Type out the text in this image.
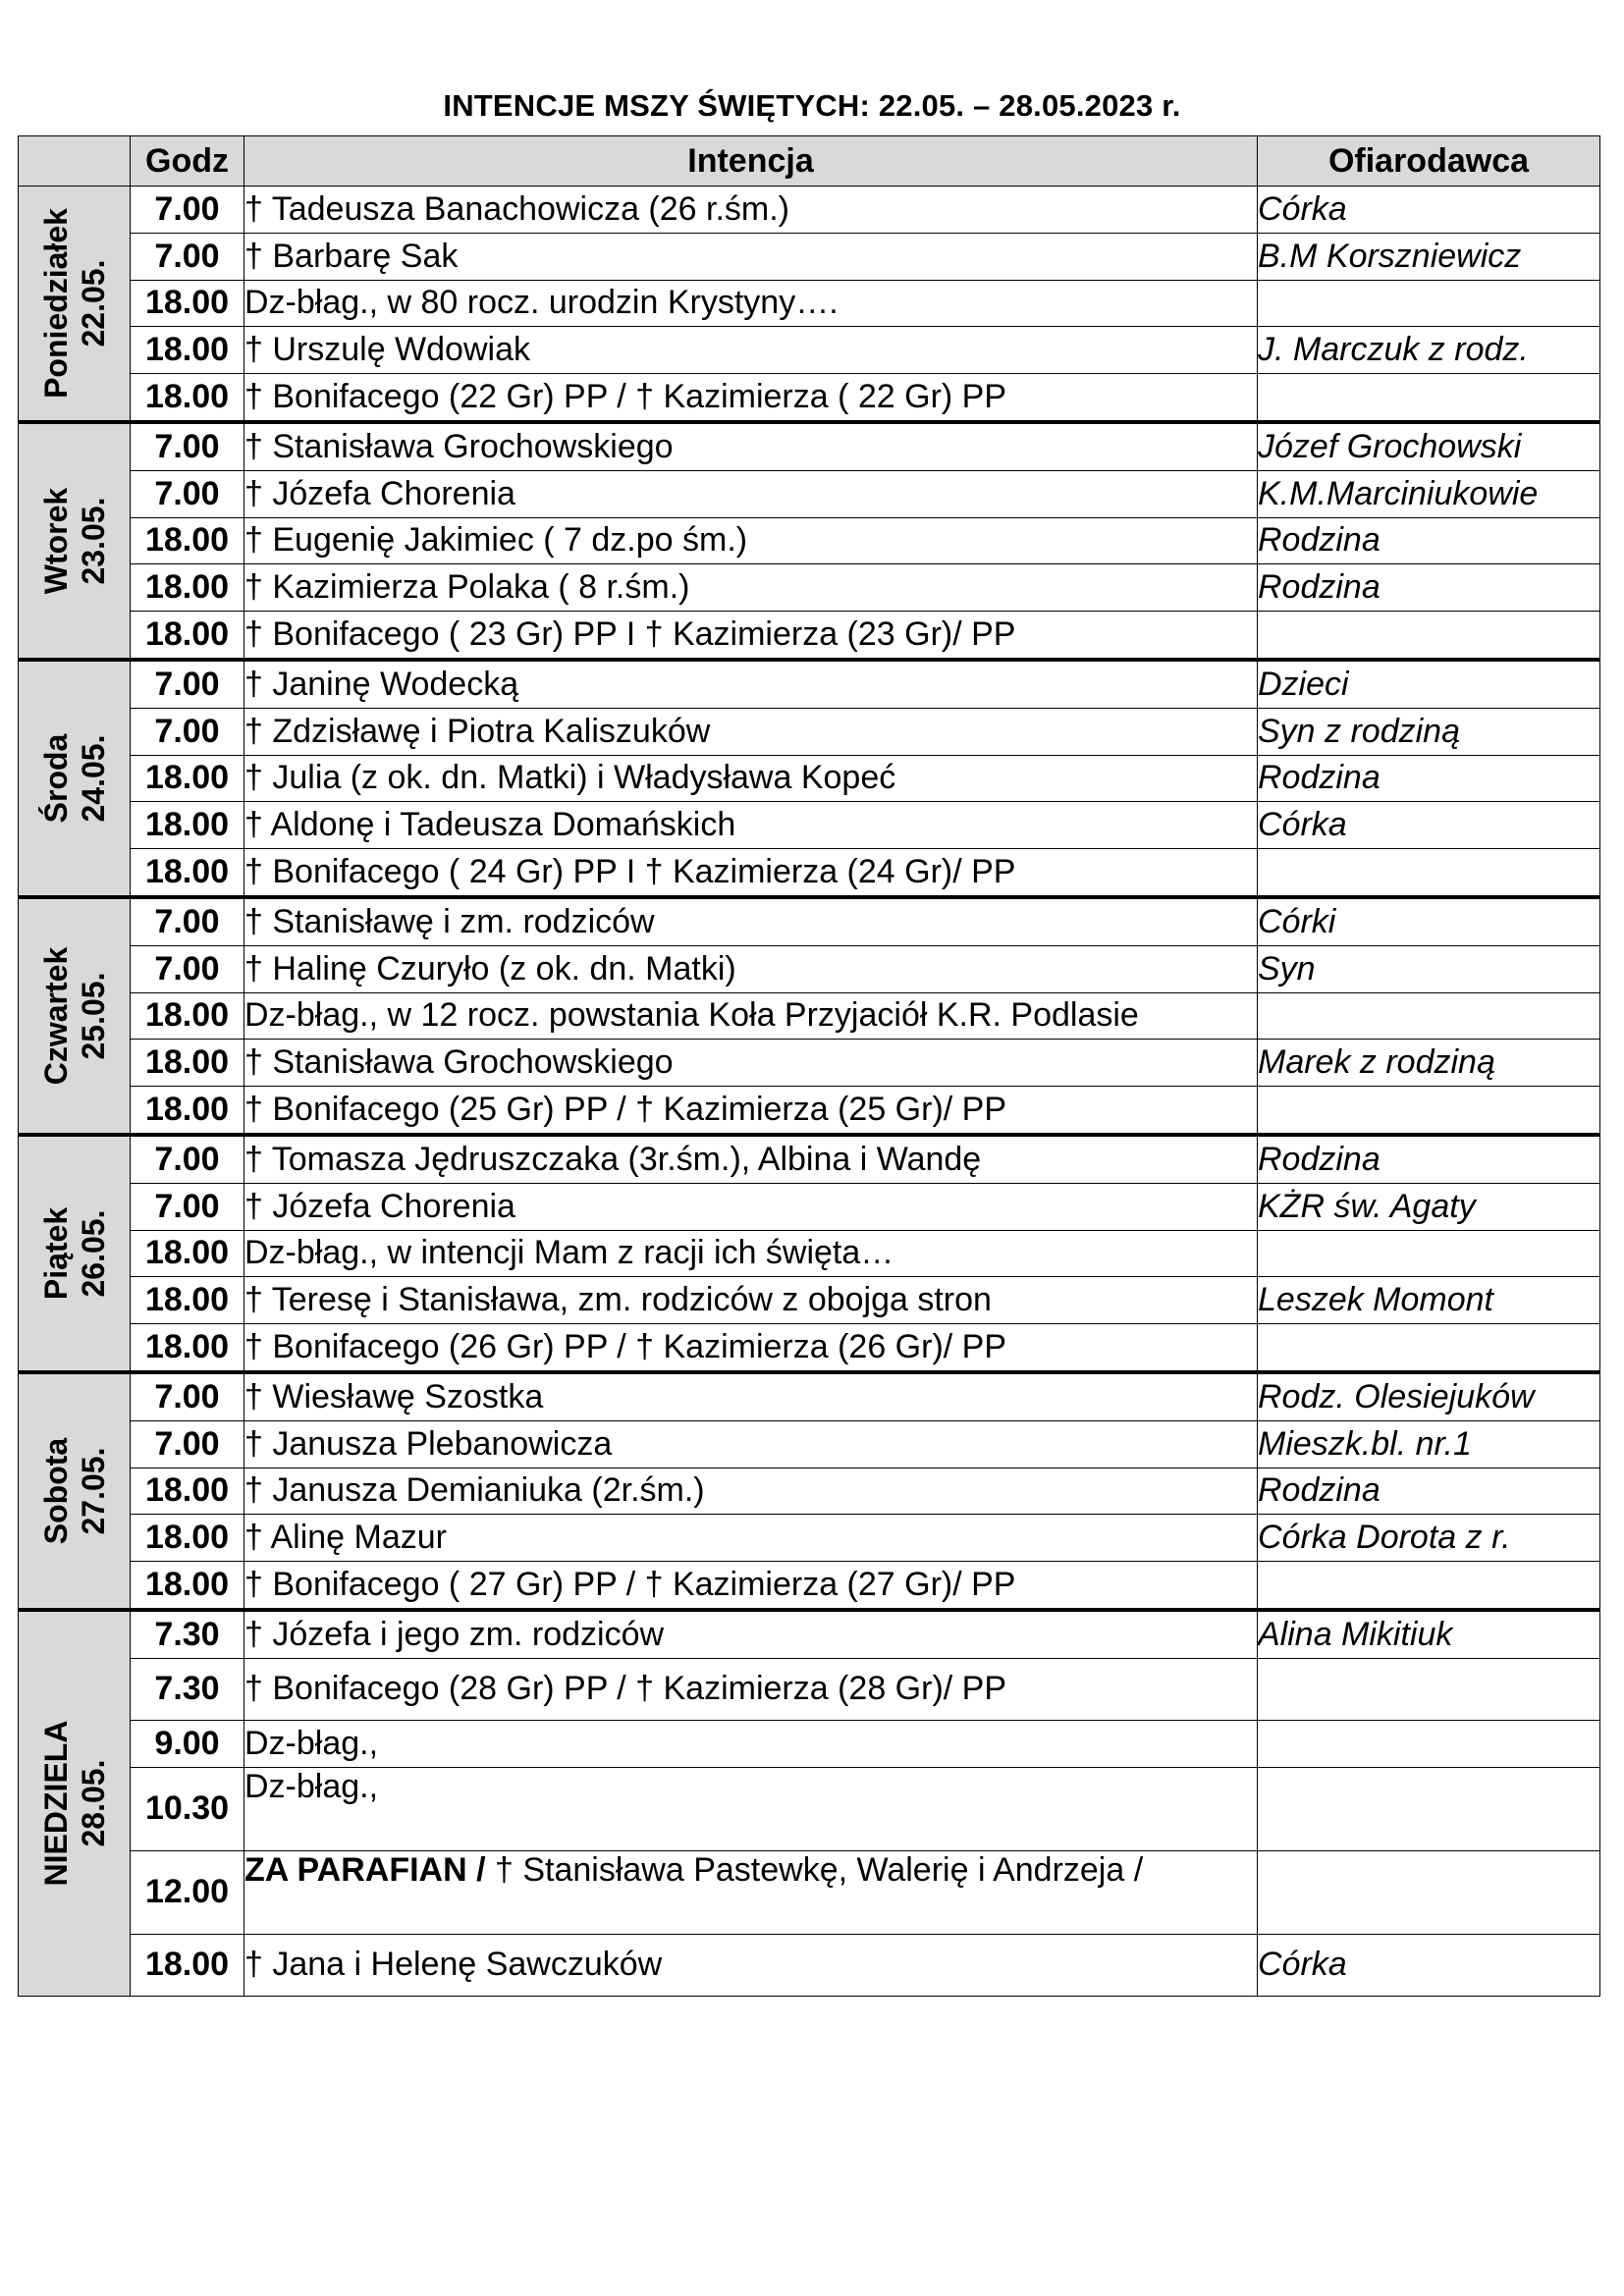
INTENCJE MSZY ŚWIĘTYCH: 22.05. – 28.05.2023 r.
	Godz	Intencja	Ofiarodawca

Poniedziałek 22.05.	7.00	† Tadeusza Banachowicza (26 r.śm.)	Córka
	7.00	† Barbarę Sak	B.M Korszniewicz
	18.00	Dz-błag., w 80 rocz. urodzin Krystyny….	
	18.00	† Urszulę Wdowiak	J. Marczuk z rodz.
	18.00	† Bonifacego (22 Gr) PP / † Kazimierza ( 22 Gr) PP	

Wtorek 23.05.	7.00	† Stanisława Grochowskiego	Józef Grochowski
	7.00	† Józefa Chorenia	K.M.Marciniukowie
	18.00	† Eugenię Jakimiec ( 7 dz.po śm.)	Rodzina
	18.00	† Kazimierza Polaka ( 8 r.śm.)	Rodzina
	18.00	† Bonifacego ( 23 Gr) PP I † Kazimierza (23 Gr)/ PP	

Środa 24.05.	7.00	† Janinę Wodecką	Dzieci
	7.00	† Zdzisławę i Piotra Kaliszuków	Syn z rodziną
	18.00	† Julia (z ok. dn. Matki) i Władysława Kopeć	Rodzina
	18.00	† Aldonę i Tadeusza Domańskich	Córka
	18.00	† Bonifacego ( 24 Gr) PP I † Kazimierza (24 Gr)/ PP	

Czwartek 25.05.	7.00	† Stanisławę i zm. rodziców	Córki
	7.00	† Halinę Czuryło (z ok. dn. Matki)	Syn
	18.00	Dz-błag., w 12 rocz. powstania Koła Przyjaciół K.R. Podlasie	
	18.00	† Stanisława Grochowskiego	Marek z rodziną
	18.00	† Bonifacego (25 Gr) PP / † Kazimierza (25 Gr)/ PP	

Piątek 26.05.	7.00	† Tomasza Jędruszczaka (3r.śm.), Albina i Wandę	Rodzina
	7.00	† Józefa Chorenia	KŻR św. Agaty
	18.00	Dz-błag., w intencji Mam z racji ich święta…	
	18.00	† Teresę i Stanisława, zm. rodziców z obojga stron	Leszek Momont
	18.00	† Bonifacego (26 Gr) PP / † Kazimierza (26 Gr)/ PP	

Sobota 27.05.	7.00	† Wiesławę Szostka	Rodz. Olesiejuków
	7.00	† Janusza Plebanowicza	Mieszk.bl. nr.1
	18.00	† Janusza Demianiuka (2r.śm.)	Rodzina
	18.00	† Alinę Mazur	Córka Dorota z r.
	18.00	† Bonifacego ( 27 Gr) PP / † Kazimierza (27 Gr)/ PP	

NIEDZIELA 28.05.	7.30	† Józefa i jego zm. rodziców	Alina Mikitiuk
	7.30	† Bonifacego (28 Gr) PP / † Kazimierza (28 Gr)/ PP	
	9.00	Dz-błag.,	
	10.30	Dz-błag.,	
	12.00	ZA PARAFIAN / † Stanisława Pastewkę, Walerię i Andrzeja /	
	18.00	† Jana i Helenę Sawczuków	Córka
